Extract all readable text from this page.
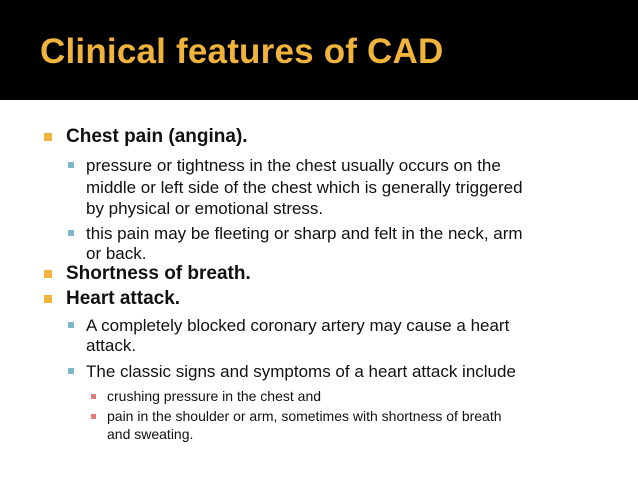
Clinical features of CAD
Chest pain (angina).
pressure or tightness in the chest usually occurs on the
middle or left side of the chest which is generally triggered
by physical or emotional stress.
this pain may be fleeting or sharp and felt in the neck, arm
or back.
Shortness of breath.
Heart attack.
A completely blocked coronary artery may cause a heart
attack.
The classic signs and symptoms of a heart attack include
crushing pressure in the chest and
pain in the shoulder or arm, sometimes with shortness of breath
and sweating.
